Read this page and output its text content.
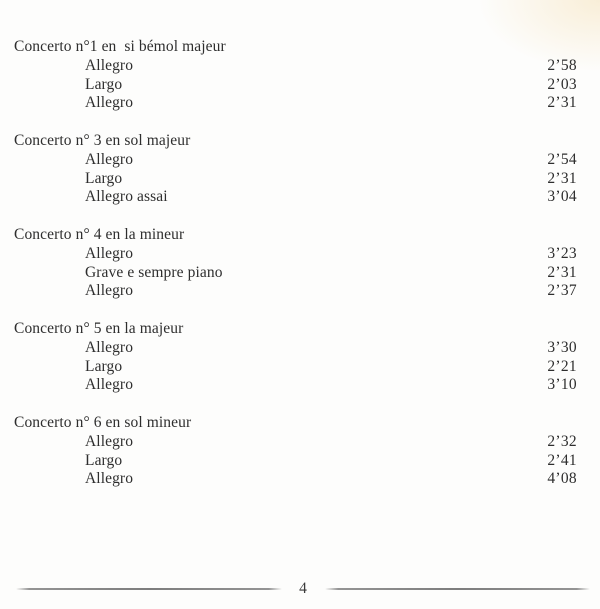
Concerto n°1 en  si bémol majeur
Allegro	2’58
Largo	2’03
Allegro	2’31
Concerto n° 3 en sol majeur
Allegro	2’54
Largo	2’31
Allegro assai	3’04
Concerto n° 4 en la mineur
Allegro	3’23
Grave e sempre piano	2’31
Allegro	2’37
Concerto n° 5 en la majeur
Allegro	3’30
Largo	2’21
Allegro	3’10
Concerto n° 6 en sol mineur
Allegro	2’32
Largo	2’41
Allegro	4’08
4
